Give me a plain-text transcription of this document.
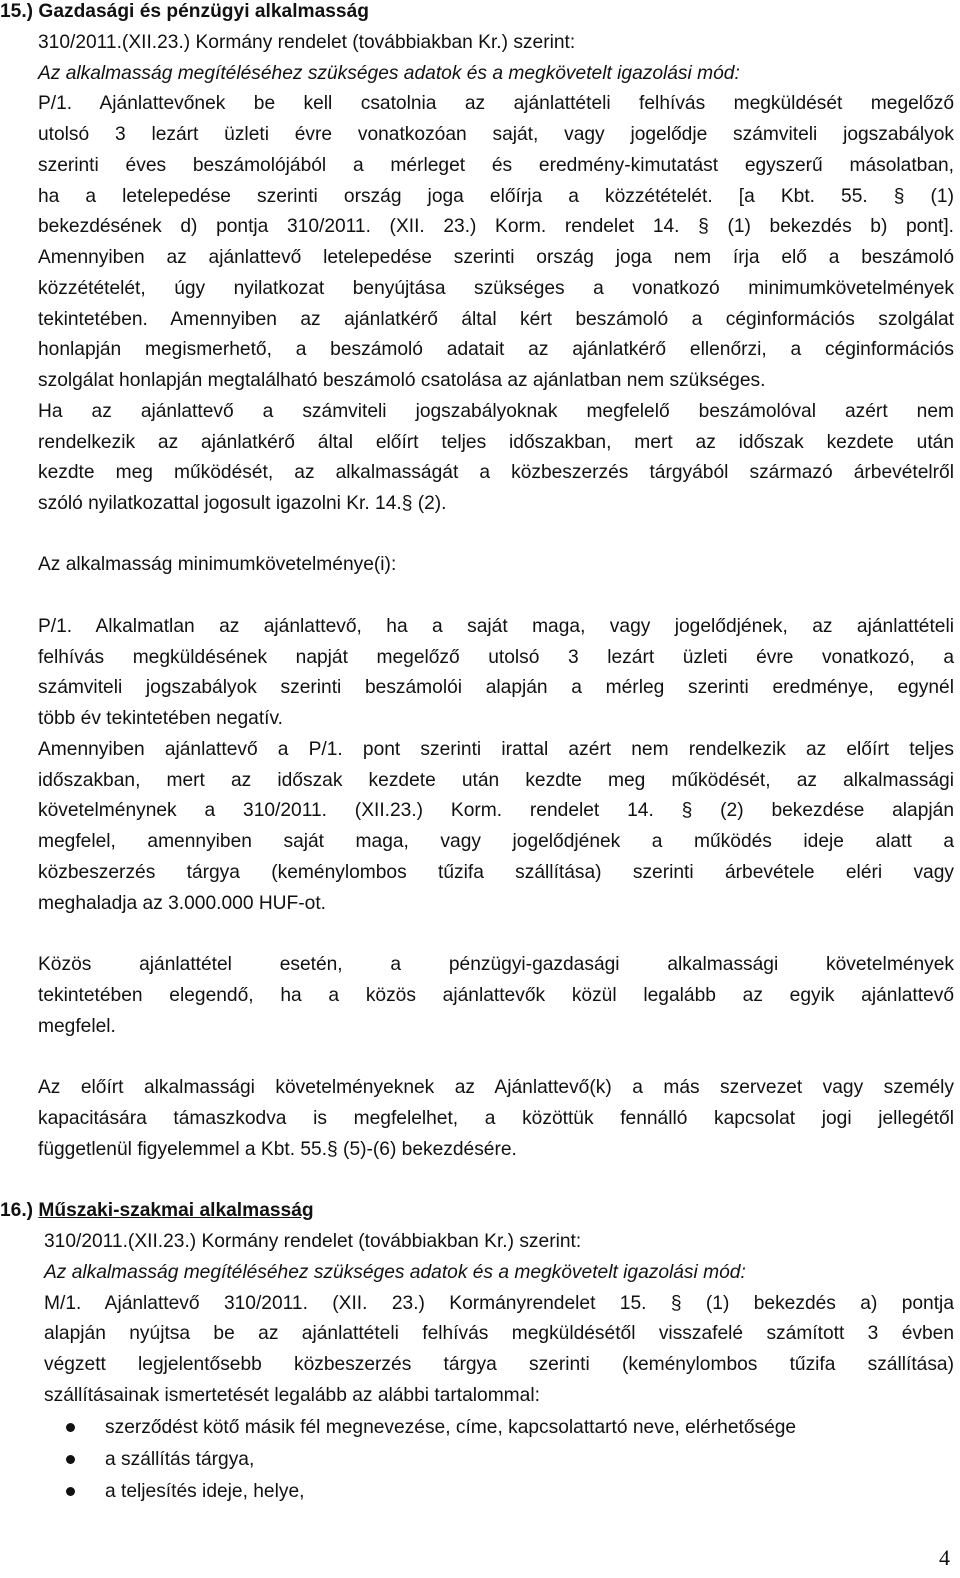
15.) Gazdasági és pénzügyi alkalmasság
310/2011.(XII.23.) Kormány rendelet (továbbiakban Kr.) szerint:
Az alkalmasság megítéléséhez szükséges adatok és a megkövetelt igazolási mód:
P/1. Ajánlattevőnek be kell csatolnia az ajánlattételi felhívás megküldését megelőző
utolsó 3 lezárt üzleti évre vonatkozóan saját, vagy jogelődje számviteli jogszabályok
szerinti éves beszámolójából a mérleget és eredmény-kimutatást egyszerű másolatban,
ha a letelepedése szerinti ország joga előírja a közzétételét. [a Kbt. 55. § (1)
bekezdésének d) pontja 310/2011. (XII. 23.) Korm. rendelet 14. § (1) bekezdés b) pont].
Amennyiben az ajánlattevő letelepedése szerinti ország joga nem írja elő a beszámoló
közzétételét, úgy nyilatkozat benyújtása szükséges a vonatkozó minimumkövetelmények
tekintetében. Amennyiben az ajánlatkérő által kért beszámoló a céginformációs szolgálat
honlapján megismerhető, a beszámoló adatait az ajánlatkérő ellenőrzi, a céginformációs
szolgálat honlapján megtalálható beszámoló csatolása az ajánlatban nem szükséges.
Ha az ajánlattevő a számviteli jogszabályoknak megfelelő beszámolóval azért nem
rendelkezik az ajánlatkérő által előírt teljes időszakban, mert az időszak kezdete után
kezdte meg működését, az alkalmasságát a közbeszerzés tárgyából származó árbevételről
szóló nyilatkozattal jogosult igazolni Kr. 14.§ (2).
Az alkalmasság minimumkövetelménye(i):
P/1. Alkalmatlan az ajánlattevő, ha a saját maga, vagy jogelődjének, az ajánlattételi
felhívás megküldésének napját megelőző utolsó 3 lezárt üzleti évre vonatkozó, a
számviteli jogszabályok szerinti beszámolói alapján a mérleg szerinti eredménye, egynél
több év tekintetében negatív.
Amennyiben ajánlattevő a P/1. pont szerinti irattal azért nem rendelkezik az előírt teljes
időszakban, mert az időszak kezdete után kezdte meg működését, az alkalmassági
követelménynek a 310/2011. (XII.23.) Korm. rendelet 14. § (2) bekezdése alapján
megfelel, amennyiben saját maga, vagy jogelődjének a működés ideje alatt a
közbeszerzés tárgya (keménylombos tűzifa szállítása) szerinti árbevétele eléri vagy
meghaladja az 3.000.000 HUF-ot.
Közös ajánlattétel esetén, a pénzügyi-gazdasági alkalmassági követelmények
tekintetében elegendő, ha a közös ajánlattevők közül legalább az egyik ajánlattevő
megfelel.
Az előírt alkalmassági követelményeknek az Ajánlattevő(k) a más szervezet vagy személy
kapacitására támaszkodva is megfelelhet, a közöttük fennálló kapcsolat jogi jellegétől
függetlenül figyelemmel a Kbt. 55.§ (5)-(6) bekezdésére.
16.) Műszaki-szakmai alkalmasság
310/2011.(XII.23.) Kormány rendelet (továbbiakban Kr.) szerint:
Az alkalmasság megítéléséhez szükséges adatok és a megkövetelt igazolási mód:
M/1. Ajánlattevő 310/2011. (XII. 23.) Kormányrendelet 15. § (1) bekezdés a) pontja
alapján nyújtsa be az ajánlattételi felhívás megküldésétől visszafelé számított 3 évben
végzett legjelentősebb közbeszerzés tárgya szerinti (keménylombos tűzifa szállítása)
szállításainak ismertetését legalább az alábbi tartalommal:
szerződést kötő másik fél megnevezése, címe, kapcsolattartó neve, elérhetősége
a szállítás tárgya,
a teljesítés ideje, helye,
4
